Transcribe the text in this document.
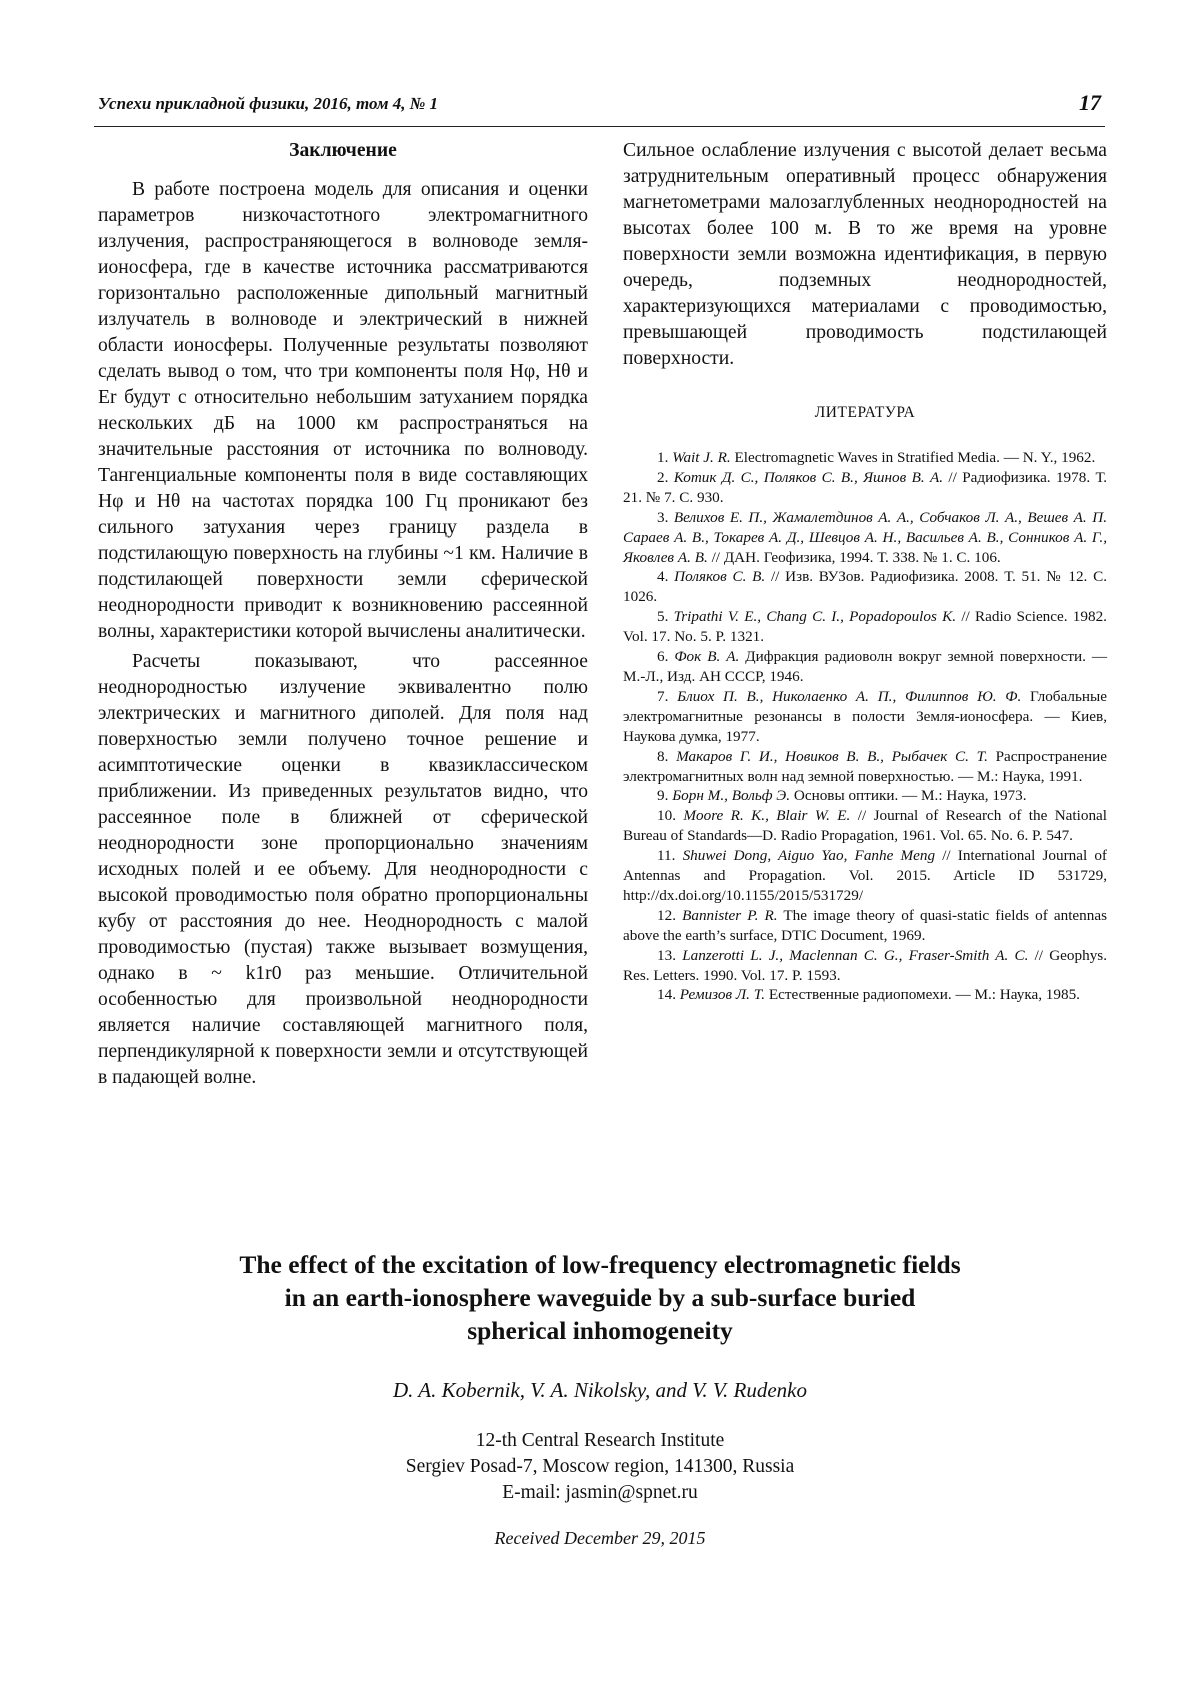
Успехи прикладной физики, 2016, том 4, № 1	17
Заключение

В работе построена модель для описания и оценки параметров низкочастотного электромагнитного излучения, распространяющегося в волноводе земля-ионосфера, где в качестве источника рассматриваются горизонтально расположенные дипольный магнитный излучатель в волноводе и электрический в нижней области ионосферы. Полученные результаты позволяют сделать вывод о том, что три компоненты поля Hφ, Hθ и Er будут с относительно небольшим затуханием порядка нескольких дБ на 1000 км распространяться на значительные расстояния от источника по волноводу. Тангенциальные компоненты поля в виде составляющих Hφ и Hθ на частотах порядка 100 Гц проникают без сильного затухания через границу раздела в подстилающую поверхность на глубины ~1 км. Наличие в подстилающей поверхности земли сферической неоднородности приводит к возникновению рассеянной волны, характеристики которой вычислены аналитически.

Расчеты показывают, что рассеянное неоднородностью излучение эквивалентно полю электрических и магнитного диполей. Для поля над поверхностью земли получено точное решение и асимптотические оценки в квазиклассическом приближении. Из приведенных результатов видно, что рассеянное поле в ближней от сферической неоднородности зоне пропорционально значениям исходных полей и ее объему. Для неоднородности с высокой проводимостью поля обратно пропорциональны кубу от расстояния до нее. Неоднородность с малой проводимостью (пустая) также вызывает возмущения, однако в ~ k1r0 раз меньшие. Отличительной особенностью для произвольной неоднородности является наличие составляющей магнитного поля, перпендикулярной к поверхности земли и отсутствующей в падающей волне.

Сильное ослабление излучения с высотой делает весьма затруднительным оперативный процесс обнаружения магнетометрами малозаглубленных неоднородностей на высотах более 100 м. В то же время на уровне поверхности земли возможна идентификация, в первую очередь, подземных неоднородностей, характеризующихся материалами с проводимостью, превышающей проводимость подстилающей поверхности.

ЛИТЕРАТУРА

1. Wait J. R. Electromagnetic Waves in Stratified Media. — N. Y., 1962.

2. Котик Д. С., Поляков С. В., Яшнов В. А. // Радиофизика. 1978. Т. 21. № 7. С. 930.

3. Велихов Е. П., Жамалетдинов А. А., Собчаков Л. А., Вешев А. П. Сараев А. В., Токарев А. Д., Шевцов А. Н., Васильев А. В., Сонников А. Г., Яковлев А. В. // ДАН. Геофизика, 1994. Т. 338. № 1. С. 106.

4. Поляков С. В. // Изв. ВУЗов. Радиофизика. 2008. Т. 51. № 12. С. 1026.

5. Tripathi V. E., Chang C. I., Popadopoulos K. // Radio Science. 1982. Vol. 17. No. 5. P. 1321.

6. Фок В. А. Дифракция радиоволн вокруг земной поверхности. — М.-Л., Изд. АН СССР, 1946.

7. Блиох П. В., Николаенко А. П., Филиппов Ю. Ф. Глобальные электромагнитные резонансы в полости Земля-ионосфера. — Киев, Наукова думка, 1977.

8. Макаров Г. И., Новиков В. В., Рыбачек С. Т. Распространение электромагнитных волн над земной поверхностью. — М.: Наука, 1991.

9. Борн М., Вольф Э. Основы оптики. — М.: Наука, 1973.

10. Moore R. K., Blair W. E. // Journal of Research of the National Bureau of Standards—D. Radio Propagation, 1961. Vol. 65. No. 6. P. 547.

11. Shuwei Dong, Aiguo Yao, Fanhe Meng // International Journal of Antennas and Propagation. Vol. 2015. Article ID 531729, http://dx.doi.org/10.1155/2015/531729/

12. Bannister P. R. The image theory of quasi-static fields of antennas above the earth’s surface, DTIC Document, 1969.

13. Lanzerotti L. J., Maclennan C. G., Fraser-Smith A. C. // Geophys. Res. Letters. 1990. Vol. 17. P. 1593.

14. Ремизов Л. Т. Естественные радиопомехи. — М.: Наука, 1985.

The effect of the excitation of low-frequency electromagnetic fields
in an earth-ionosphere waveguide by a sub-surface buried
spherical inhomogeneity
D. A. Kobernik, V. A. Nikolsky, and V. V. Rudenko
12-th Central Research Institute
Sergiev Posad-7, Moscow region, 141300, Russia
E-mail: jasmin@spnet.ru
Received December 29, 2015
